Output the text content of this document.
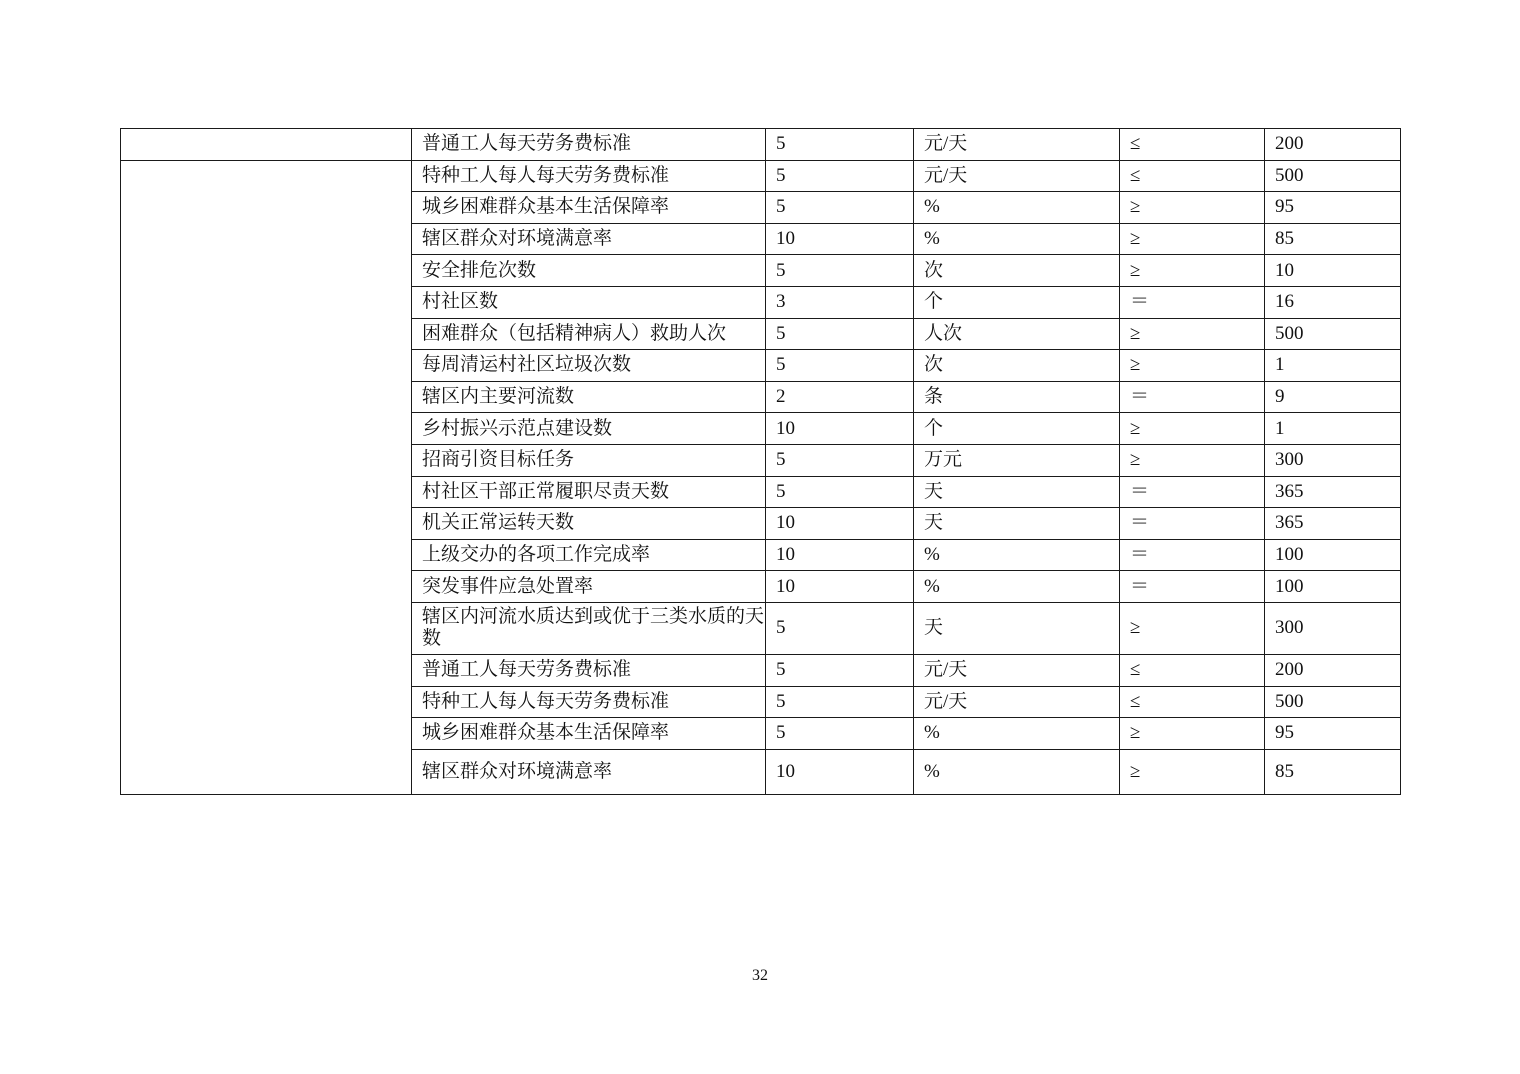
	普通工人每天劳务费标准	5	元/天	≤	200
	特种工人每人每天劳务费标准	5	元/天	≤	500
	城乡困难群众基本生活保障率	5	%	≥	95
	辖区群众对环境满意率	10	%	≥	85
	安全排危次数	5	次	≥	10
	村社区数	3	个	＝	16
	困难群众（包括精神病人）救助人次	5	人次	≥	500
	每周清运村社区垃圾次数	5	次	≥	1
	辖区内主要河流数	2	条	＝	9
	乡村振兴示范点建设数	10	个	≥	1
	招商引资目标任务	5	万元	≥	300
	村社区干部正常履职尽责天数	5	天	＝	365
	机关正常运转天数	10	天	＝	365
	上级交办的各项工作完成率	10	%	＝	100
	突发事件应急处置率	10	%	＝	100
	辖区内河流水质达到或优于三类水质的天数	5	天	≥	300
	普通工人每天劳务费标准	5	元/天	≤	200
	特种工人每人每天劳务费标准	5	元/天	≤	500
	城乡困难群众基本生活保障率	5	%	≥	95
	辖区群众对环境满意率	10	%	≥	85
32
